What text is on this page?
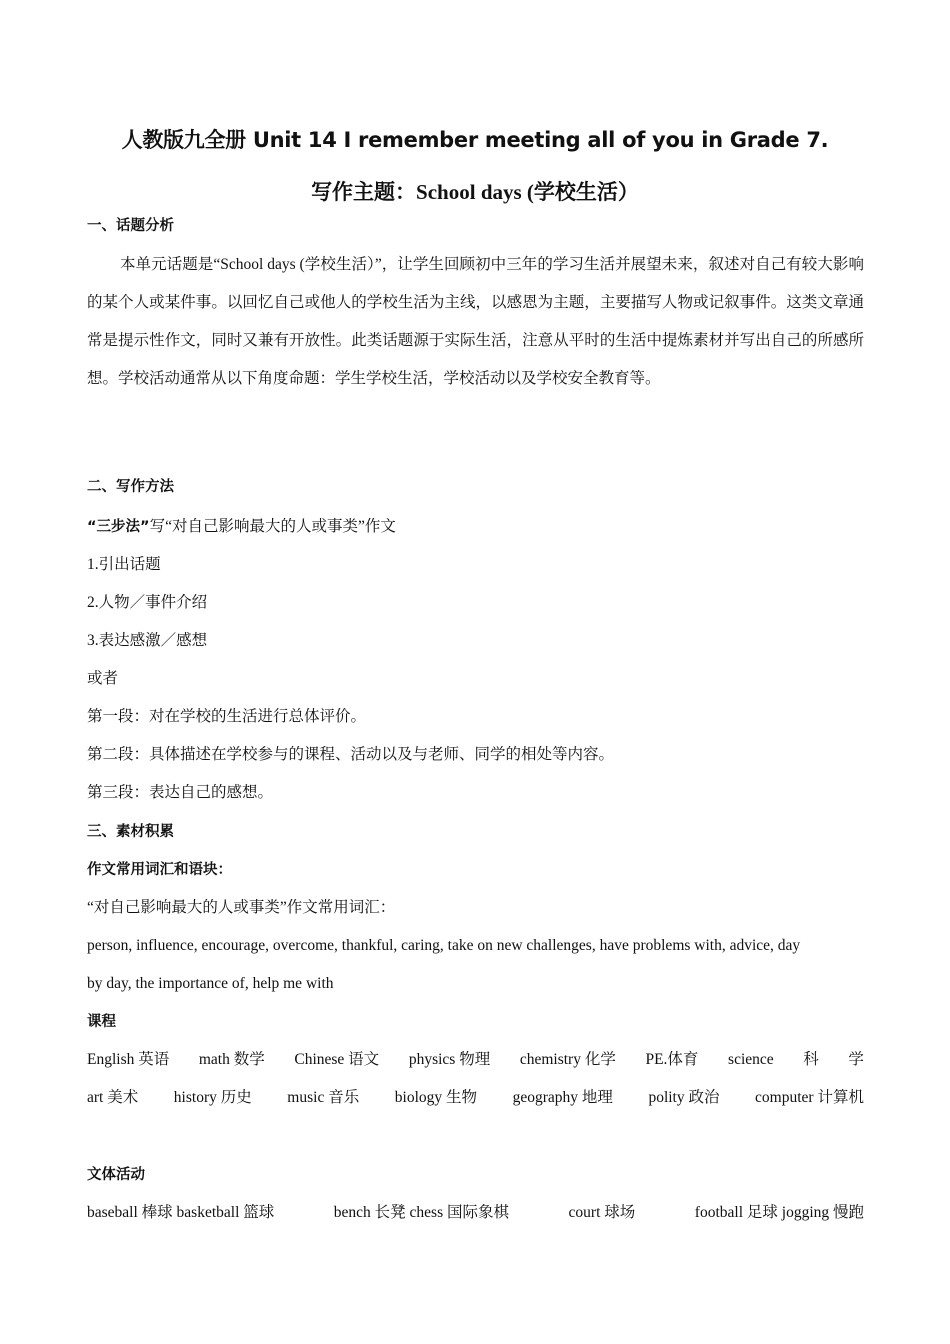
人教版九全册 Unit 14 I remember meeting all of you in Grade 7.
写作主题：School days (学校生活）
一、话题分析
本单元话题是“School days (学校生活）”，让学生回顾初中三年的学习生活并展望未来，叙述对自己有较大影响的某个人或某件事。以回忆自己或他人的学校生活为主线，以感恩为主题，主要描写人物或记叙事件。这类文章通常是提示性作文，同时又兼有开放性。此类话题源于实际生活，注意从平时的生活中提炼素材并写出自己的所感所想。学校活动通常从以下角度命题：学生学校生活，学校活动以及学校安全教育等。
二、写作方法
“三步法”写“对自己影响最大的人或事类”作文
1.引出话题
2.人物／事件介绍
3.表达感激／感想
或者
第一段：对在学校的生活进行总体评价。
第二段：具体描述在学校参与的课程、活动以及与老师、同学的相处等内容。
第三段：表达自己的感想。
三、素材积累
作文常用词汇和语块：
“对自己影响最大的人或事类”作文常用词汇：
person, influence, encourage, overcome, thankful, caring, take on new challenges, have problems with, advice, day
by day, the importance of, help me with
课程
English 英语 math 数学 Chinese 语文 physics 物理 chemistry 化学 PE.体育 science 科 学
art 美术 history 历史 music 音乐 biology 生物 geography 地理 polity 政治 computer 计算机
文体活动
baseball 棒球 basketball 篮球	bench 长凳 chess 国际象棋	court 球场	football 足球 jogging 慢跑
